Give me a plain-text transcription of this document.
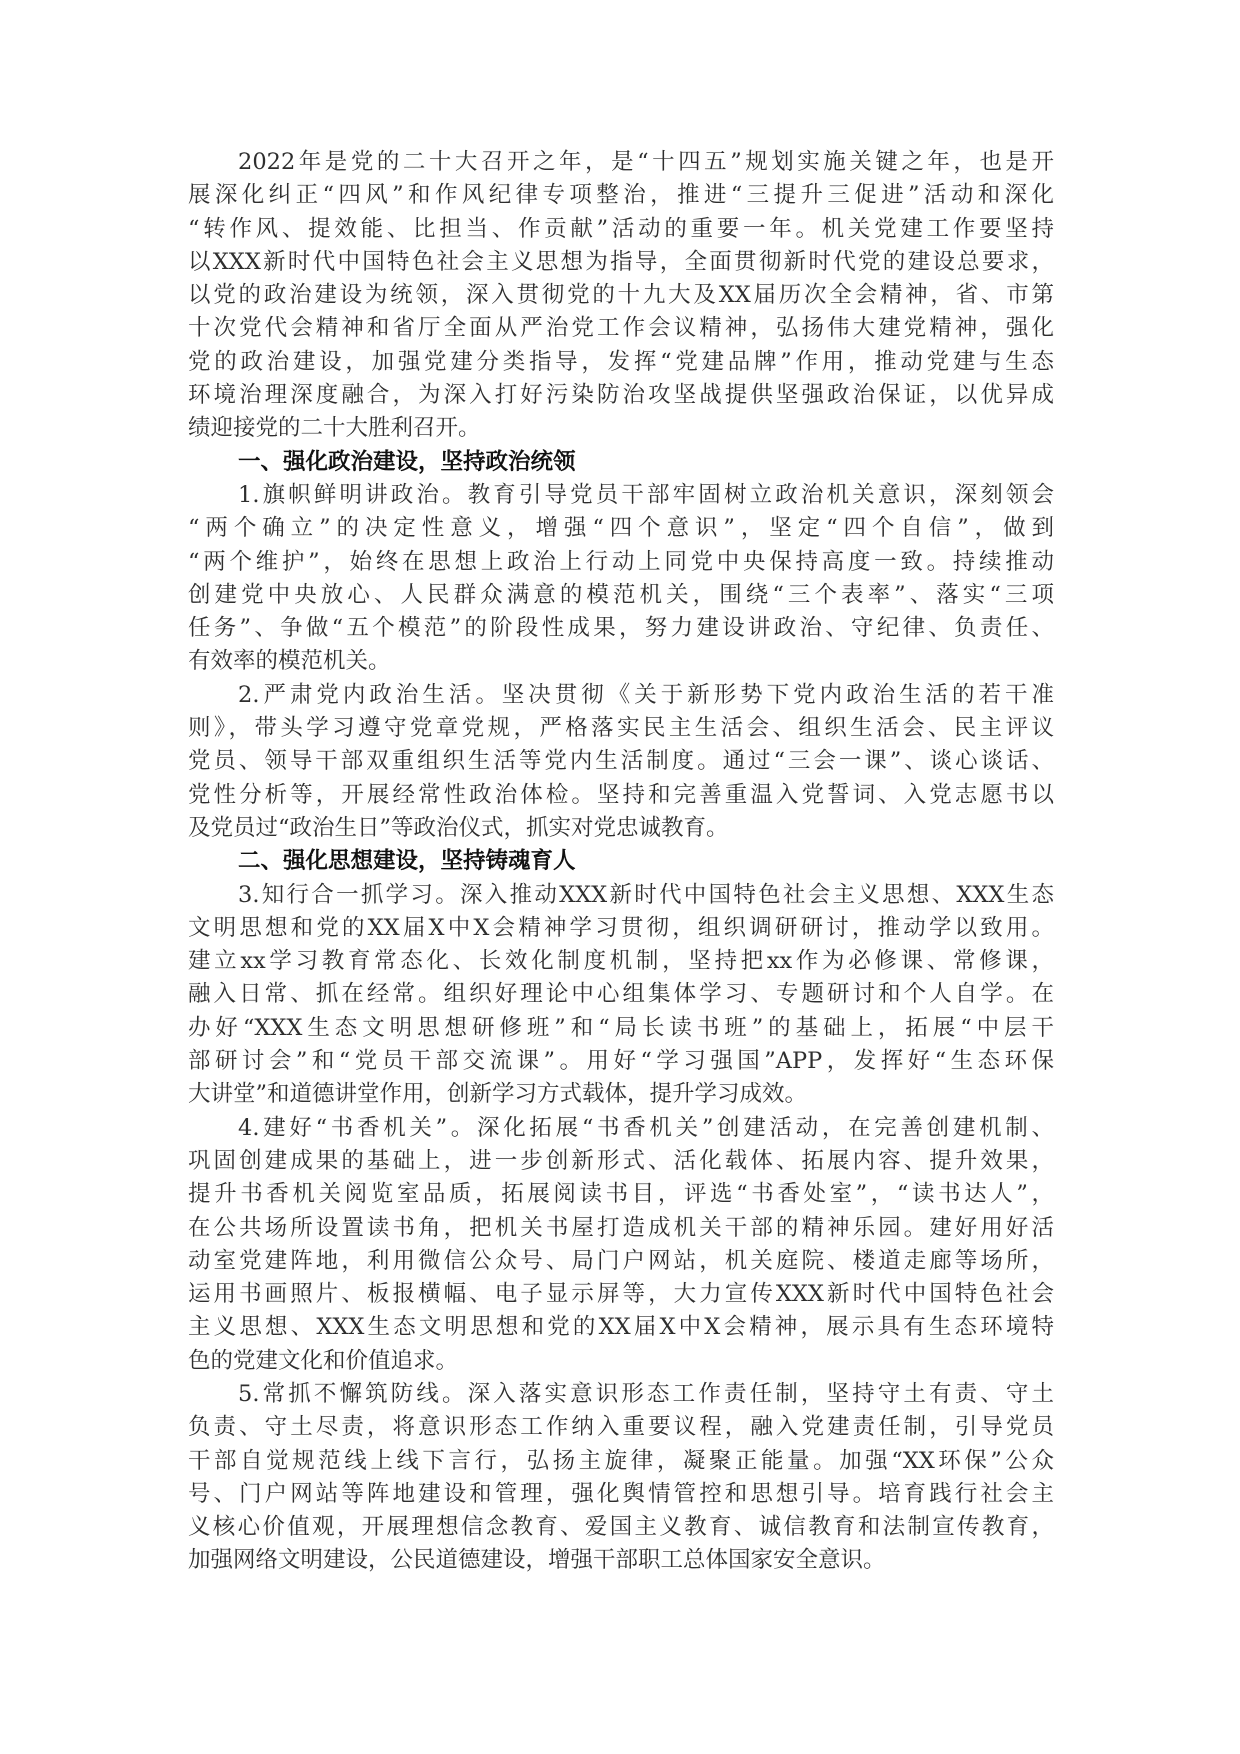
2022年是党的二十大召开之年，是“十四五”规划实施关键之年，也是开
展深化纠正“四风”和作风纪律专项整治，推进“三提升三促进”活动和深化
“转作风、提效能、比担当、作贡献”活动的重要一年。机关党建工作要坚持
以XXX新时代中国特色社会主义思想为指导，全面贯彻新时代党的建设总要求，
以党的政治建设为统领，深入贯彻党的十九大及XX届历次全会精神，省、市第
十次党代会精神和省厅全面从严治党工作会议精神，弘扬伟大建党精神，强化
党的政治建设，加强党建分类指导，发挥“党建品牌”作用，推动党建与生态
环境治理深度融合，为深入打好污染防治攻坚战提供坚强政治保证，以优异成
绩迎接党的二十大胜利召开。
一、强化政治建设，坚持政治统领
1.旗帜鲜明讲政治。教育引导党员干部牢固树立政治机关意识，深刻领会
“两个确立”的决定性意义，增强“四个意识”，坚定“四个自信”，做到
“两个维护”，始终在思想上政治上行动上同党中央保持高度一致。持续推动
创建党中央放心、人民群众满意的模范机关，围绕“三个表率”、落实“三项
任务”、争做“五个模范”的阶段性成果，努力建设讲政治、守纪律、负责任、
有效率的模范机关。
2.严肃党内政治生活。坚决贯彻《关于新形势下党内政治生活的若干准
则》，带头学习遵守党章党规，严格落实民主生活会、组织生活会、民主评议
党员、领导干部双重组织生活等党内生活制度。通过“三会一课”、谈心谈话、
党性分析等，开展经常性政治体检。坚持和完善重温入党誓词、入党志愿书以
及党员过“政治生日”等政治仪式，抓实对党忠诚教育。
二、强化思想建设，坚持铸魂育人
3.知行合一抓学习。深入推动XXX新时代中国特色社会主义思想、XXX生态
文明思想和党的XX届X中X会精神学习贯彻，组织调研研讨，推动学以致用。
建立xx学习教育常态化、长效化制度机制，坚持把xx作为必修课、常修课，
融入日常、抓在经常。组织好理论中心组集体学习、专题研讨和个人自学。在
办好“XXX生态文明思想研修班”和“局长读书班”的基础上，拓展“中层干
部研讨会”和“党员干部交流课”。用好“学习强国”APP，发挥好“生态环保
大讲堂”和道德讲堂作用，创新学习方式载体，提升学习成效。
4.建好“书香机关”。深化拓展“书香机关”创建活动，在完善创建机制、
巩固创建成果的基础上，进一步创新形式、活化载体、拓展内容、提升效果，
提升书香机关阅览室品质，拓展阅读书目，评选“书香处室”，“读书达人”，
在公共场所设置读书角，把机关书屋打造成机关干部的精神乐园。建好用好活
动室党建阵地，利用微信公众号、局门户网站，机关庭院、楼道走廊等场所，
运用书画照片、板报横幅、电子显示屏等，大力宣传XXX新时代中国特色社会
主义思想、XXX生态文明思想和党的XX届X中X会精神，展示具有生态环境特
色的党建文化和价值追求。
5.常抓不懈筑防线。深入落实意识形态工作责任制，坚持守土有责、守土
负责、守土尽责，将意识形态工作纳入重要议程，融入党建责任制，引导党员
干部自觉规范线上线下言行，弘扬主旋律，凝聚正能量。加强“XX环保”公众
号、门户网站等阵地建设和管理，强化舆情管控和思想引导。培育践行社会主
义核心价值观，开展理想信念教育、爱国主义教育、诚信教育和法制宣传教育，
加强网络文明建设，公民道德建设，增强干部职工总体国家安全意识。
